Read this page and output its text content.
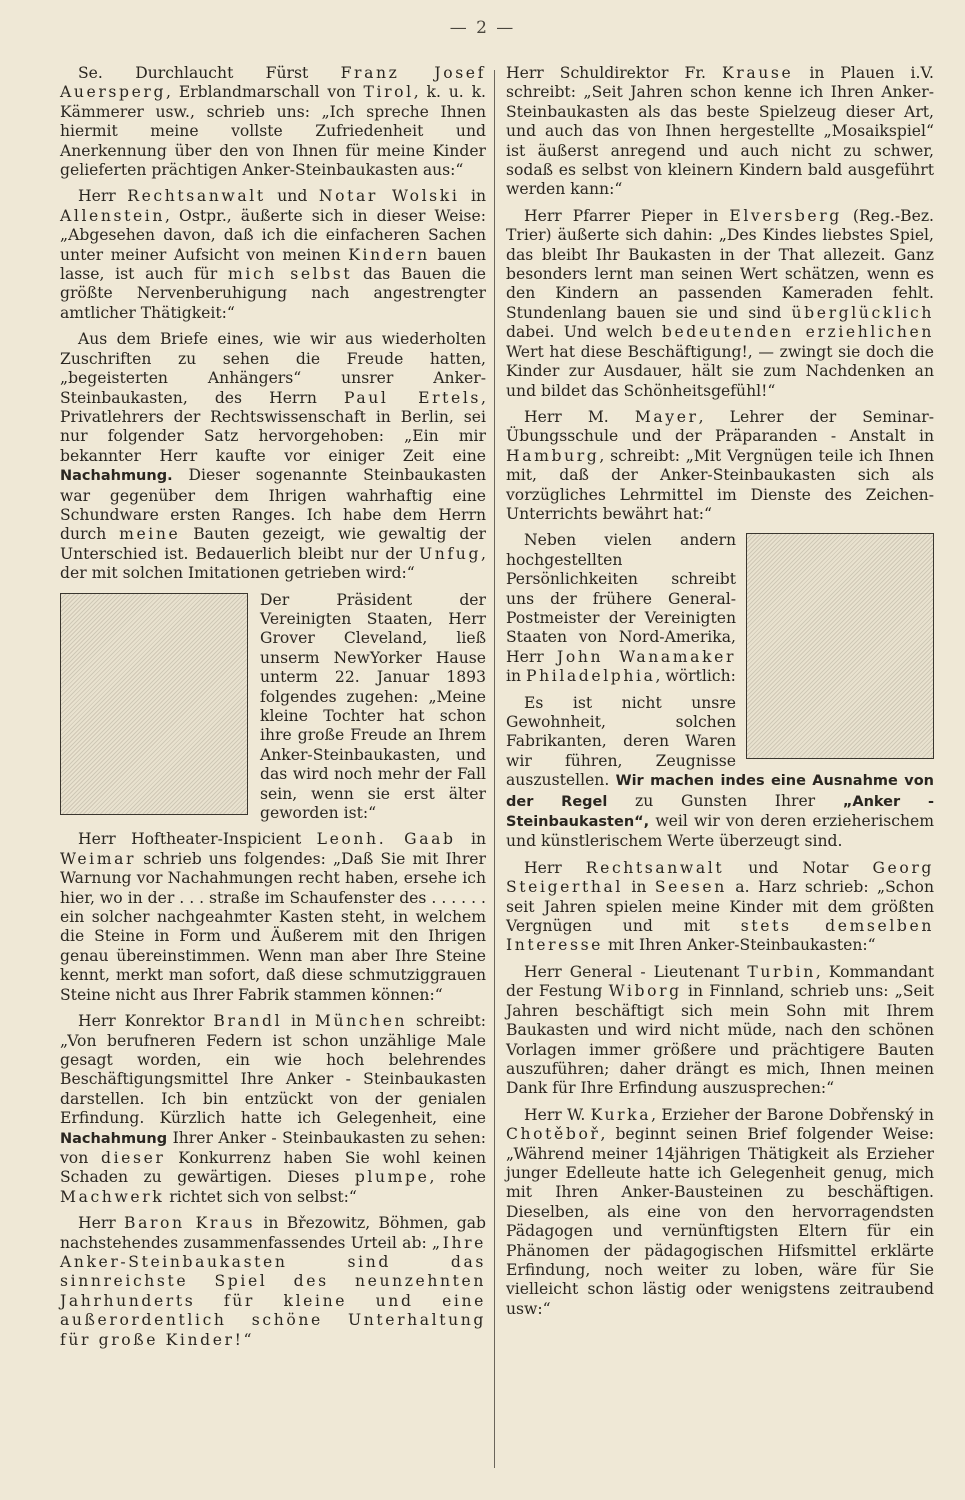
— 2 —

Se. Durchlaucht Fürst Franz Josef Auersperg, Erblandmarschall von Tirol, k. u. k. Kämmerer usw., schrieb uns: „Ich spreche Ihnen hiermit meine vollste Zufriedenheit und Anerkennung über den von Ihnen für meine Kinder gelieferten prächtigen Anker-Steinbaukasten aus:“

Herr Rechtsanwalt und Notar Wolski in Allenstein, Ostpr., äußerte sich in dieser Weise: „Abgesehen davon, daß ich die einfacheren Sachen unter meiner Aufsicht von meinen Kindern bauen lasse, ist auch für mich selbst das Bauen die größte Nervenberuhigung nach angestrengter amtlicher Thätigkeit:“

Aus dem Briefe eines, wie wir aus wiederholten Zuschriften zu sehen die Freude hatten, „begeisterten Anhängers“ unsrer Anker-Steinbaukasten, des Herrn Paul Ertels, Privatlehrers der Rechtswissenschaft in Berlin, sei nur folgender Satz hervorgehoben: „Ein mir bekannter Herr kaufte vor einiger Zeit eine Nachahmung. Dieser sogenannte Steinbaukasten war gegenüber dem Ihrigen wahrhaftig eine Schundware ersten Ranges. Ich habe dem Herrn durch meine Bauten gezeigt, wie gewaltig der Unterschied ist. Bedauerlich bleibt nur der Unfug, der mit solchen Imitationen getrieben wird:“

Der Präsident der Vereinigten Staaten, Herr Grover Cleveland, ließ unserm NewYorker Hause unterm 22. Januar 1893 folgendes zugehen: „Meine kleine Tochter hat schon ihre große Freude an Ihrem Anker-Steinbaukasten, und das wird noch mehr der Fall sein, wenn sie erst älter geworden ist:“

Herr Hoftheater-Inspicient Leonh. Gaab in Weimar schrieb uns folgendes: „Daß Sie mit Ihrer Warnung vor Nachahmungen recht haben, ersehe ich hier, wo in der . . . straße im Schaufenster des . . . . . . ein solcher nachgeahmter Kasten steht, in welchem die Steine in Form und Äußerem mit den Ihrigen genau übereinstimmen. Wenn man aber Ihre Steine kennt, merkt man sofort, daß diese schmutziggrauen Steine nicht aus Ihrer Fabrik stammen können:“

Herr Konrektor Brandl in München schreibt: „Von berufneren Federn ist schon unzählige Male gesagt worden, ein wie hoch belehrendes Beschäftigungsmittel Ihre Anker - Steinbaukasten darstellen. Ich bin entzückt von der genialen Erfindung. Kürzlich hatte ich Gelegenheit, eine Nachahmung Ihrer Anker - Steinbaukasten zu sehen: von dieser Konkurrenz haben Sie wohl keinen Schaden zu gewärtigen. Dieses plumpe, rohe Machwerk richtet sich von selbst:“

Herr Baron Kraus in Březowitz, Böhmen, gab nachstehendes zusammenfassendes Urteil ab: „Ihre Anker-Steinbaukasten sind das sinnreichste Spiel des neunzehnten Jahrhunderts für kleine und eine außerordentlich schöne Unterhaltung für große Kinder!“

Herr Schuldirektor Fr. Krause in Plauen i.V. schreibt: „Seit Jahren schon kenne ich Ihren Anker-Steinbaukasten als das beste Spielzeug dieser Art, und auch das von Ihnen hergestellte „Mosaikspiel“ ist äußerst anregend und auch nicht zu schwer, sodaß es selbst von kleinern Kindern bald ausgeführt werden kann:“

Herr Pfarrer Pieper in Elversberg (Reg.-Bez. Trier) äußerte sich dahin: „Des Kindes liebstes Spiel, das bleibt Ihr Baukasten in der That allezeit. Ganz besonders lernt man seinen Wert schätzen, wenn es den Kindern an passenden Kameraden fehlt. Stundenlang bauen sie und sind überglücklich dabei. Und welch bedeutenden erziehlichen Wert hat diese Beschäftigung!, — zwingt sie doch die Kinder zur Ausdauer, hält sie zum Nachdenken an und bildet das Schönheitsgefühl!“

Herr M. Mayer, Lehrer der Seminar-Übungsschule und der Präparanden - Anstalt in Hamburg, schreibt: „Mit Vergnügen teile ich Ihnen mit, daß der Anker-Steinbaukasten sich als vorzügliches Lehrmittel im Dienste des Zeichen-Unterrichts bewährt hat:“

Neben vielen andern hochgestellten Persönlichkeiten schreibt uns der frühere General-Postmeister der Vereinigten Staaten von Nord-Amerika, Herr John Wanamaker in Philadelphia, wörtlich:

Es ist nicht unsre Gewohnheit, solchen Fabrikanten, deren Waren wir führen, Zeugnisse auszustellen. Wir machen indes eine Ausnahme von der Regel zu Gunsten Ihrer „Anker - Steinbaukasten“, weil wir von deren erzieherischem und künstlerischem Werte überzeugt sind.

Herr Rechtsanwalt und Notar Georg Steigerthal in Seesen a. Harz schrieb: „Schon seit Jahren spielen meine Kinder mit dem größten Vergnügen und mit stets demselben Interesse mit Ihren Anker-Steinbaukasten:“

Herr General - Lieutenant Turbin, Kommandant der Festung Wiborg in Finnland, schrieb uns: „Seit Jahren beschäftigt sich mein Sohn mit Ihrem Baukasten und wird nicht müde, nach den schönen Vorlagen immer größere und prächtigere Bauten auszuführen; daher drängt es mich, Ihnen meinen Dank für Ihre Erfindung auszusprechen:“

Herr W. Kurka, Erzieher der Barone Dobřenský in Chotěboř, beginnt seinen Brief folgender Weise: „Während meiner 14jährigen Thätigkeit als Erzieher junger Edelleute hatte ich Gelegenheit genug, mich mit Ihren Anker-Bausteinen zu beschäftigen. Dieselben, als eine von den hervorragendsten Pädagogen und vernünftigsten Eltern für ein Phänomen der pädagogischen Hifsmittel erklärte Erfindung, noch weiter zu loben, wäre für Sie vielleicht schon lästig oder wenigstens zeitraubend usw:“
